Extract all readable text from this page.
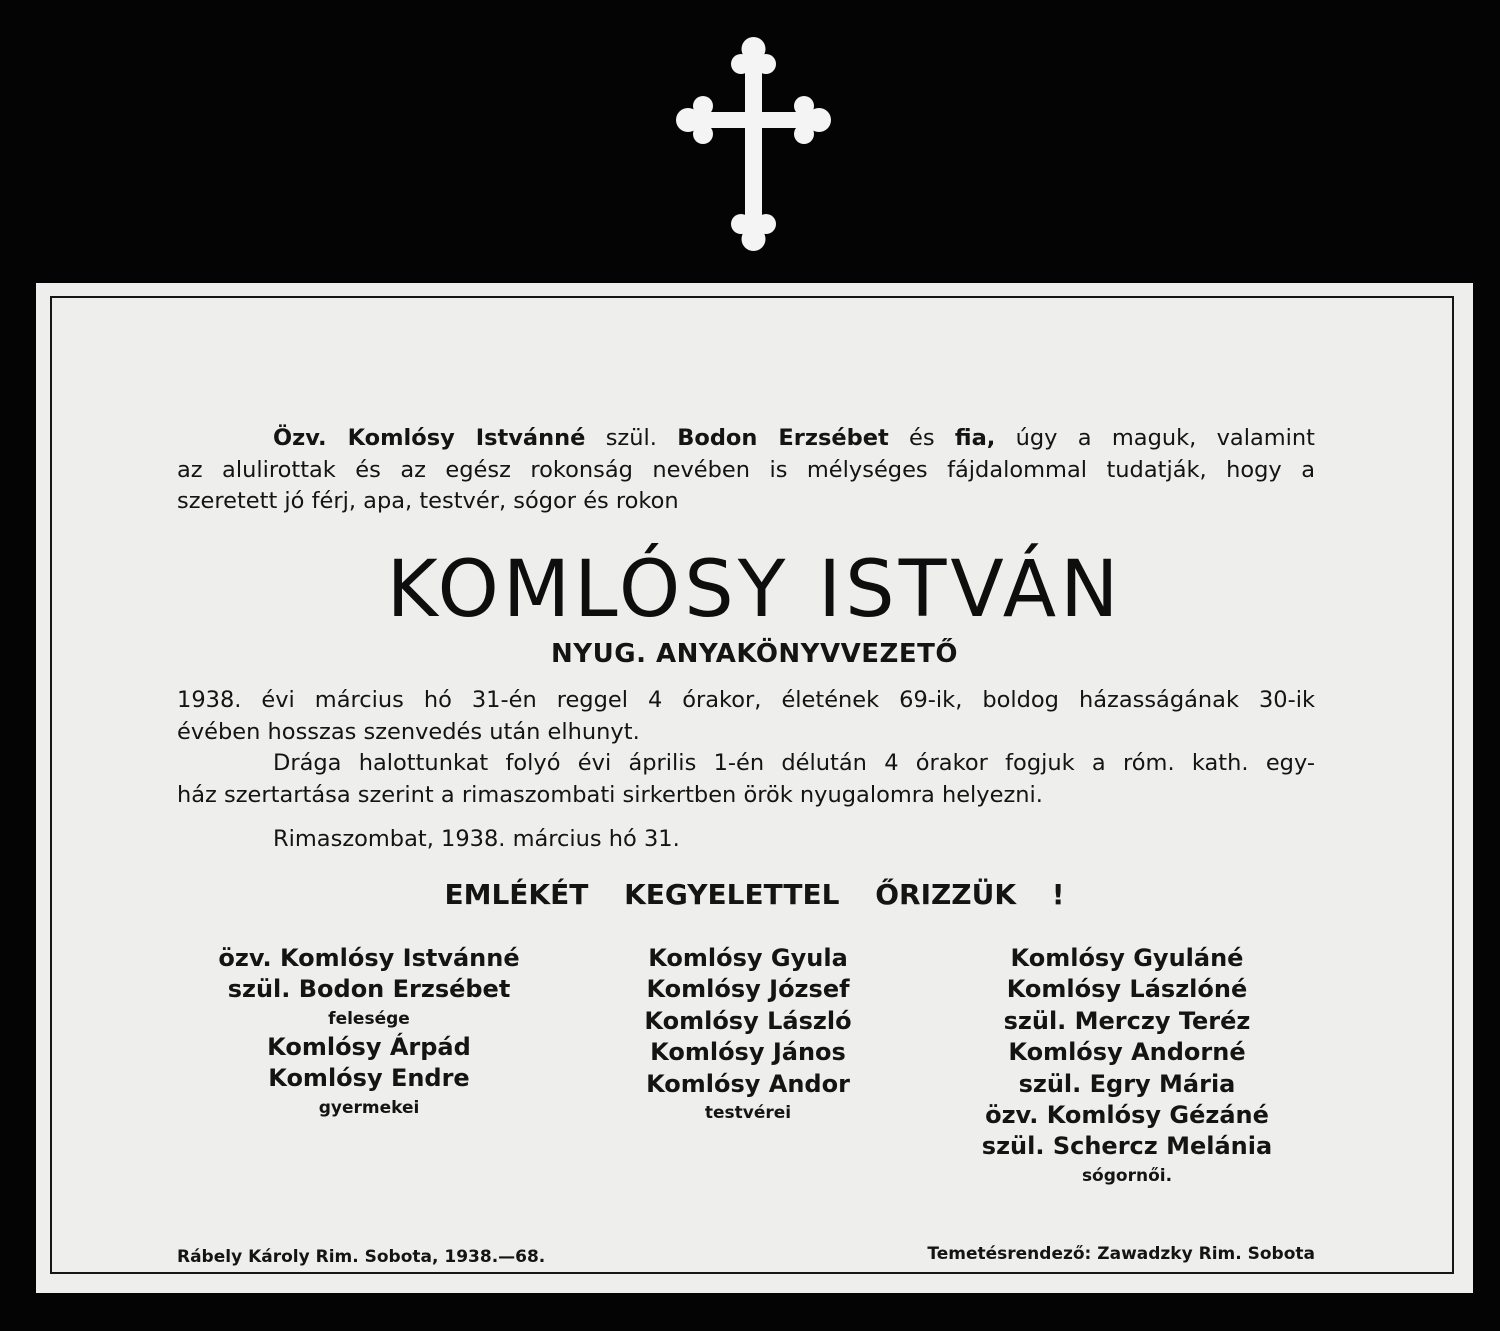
Özv. Komlósy Istvánné szül. Bodon Erzsébet és fia, úgy a maguk, valamint
az alulirottak és az egész rokonság nevében is mélységes fájdalommal tudatják, hogy a
szeretett jó férj, apa, testvér, sógor és rokon

KOMLÓSY ISTVÁN
NYUG. ANYAKÖNYVVEZETŐ

1938. évi március hó 31-én reggel 4 órakor, életének 69-ik, boldog házasságának 30-ik
évében hosszas szenvedés után elhunyt.
Drága halottunkat folyó évi április 1-én délután 4 órakor fogjuk a róm. kath. egy-
ház szertartása szerint a rimaszombati sirkertben örök nyugalomra helyezni.

Rimaszombat, 1938. március hó 31.
EMLÉKÉT KEGYELETTEL ŐRIZZÜK !
özv. Komlósy Istvánné
szül. Bodon Erzsébet
felesége
Komlósy Árpád
Komlósy Endre
gyermekei
Komlósy Gyula
Komlósy József
Komlósy László
Komlósy János
Komlósy Andor
testvérei
Komlósy Gyuláné
Komlósy Lászlóné
szül. Merczy Teréz
Komlósy Andorné
szül. Egry Mária
özv. Komlósy Gézáné
szül. Schercz Melánia
sógornői.
Rábely Károly Rim. Sobota, 1938.—68.	Temetésrendező: Zawadzky Rim. Sobota
